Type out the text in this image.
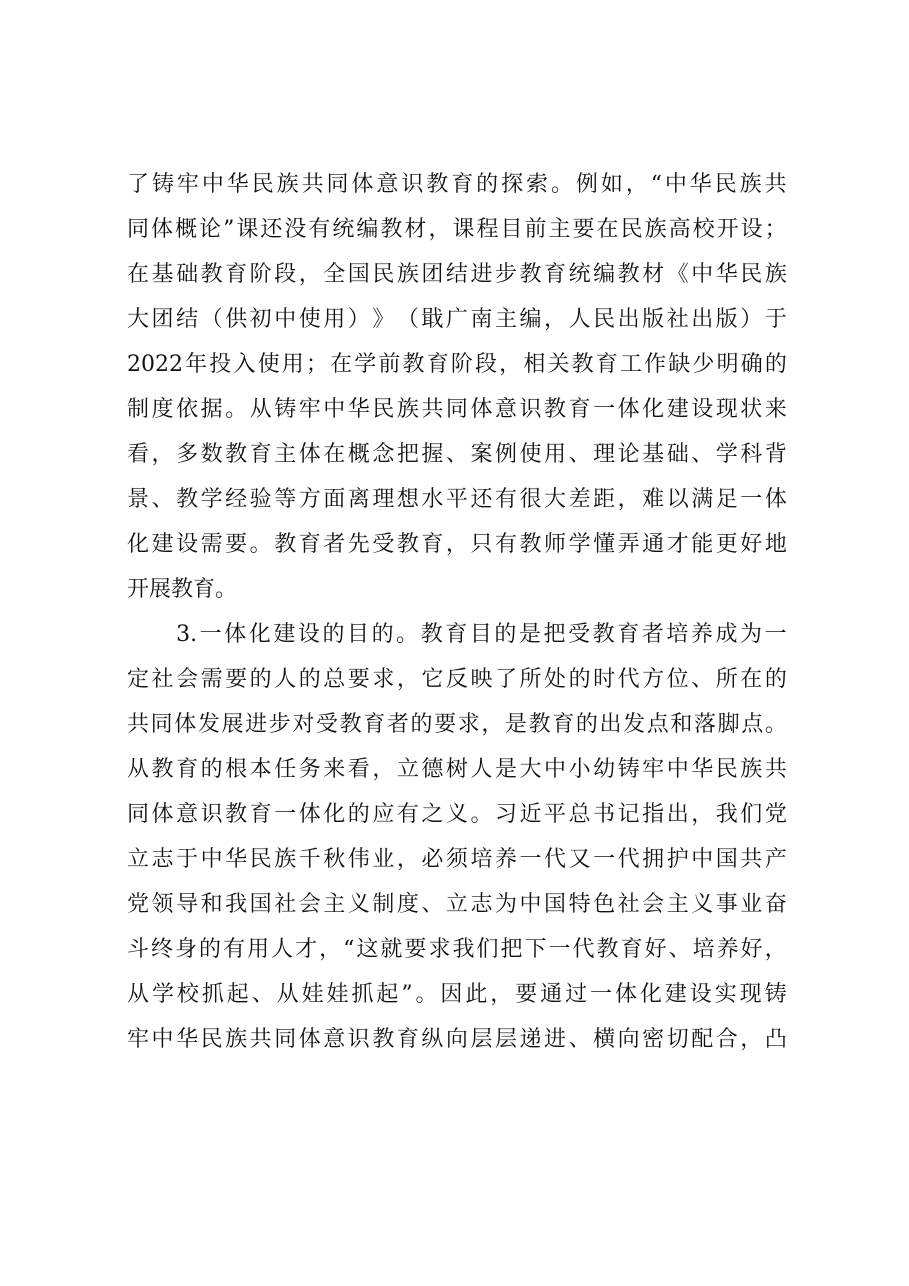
了 铸 牢 中 华 民 族 共 同 体 意 识 教 育 的 探 索 。 例 如 ， “ 中 华 民 族 共
同 体 概 论 ” 课 还 没 有 统 编 教 材 ， 课 程 目 前 主 要 在 民 族 高 校 开 设 ；
在 基 础 教 育 阶 段 ， 全 国 民 族 团 结 进 步 教 育 统 编 教 材 《 中 华 民 族
大 团 结 （ 供 初 中 使 用 ） 》 （ 戢 广 南 主 编 ， 人 民 出 版 社 出 版 ） 于
2022 年 投 入 使 用 ； 在 学 前 教 育 阶 段 ， 相 关 教 育 工 作 缺 少 明 确 的
制 度 依 据 。 从 铸 牢 中 华 民 族 共 同 体 意 识 教 育 一 体 化 建 设 现 状 来
看 ， 多 数 教 育 主 体 在 概 念 把 握 、 案 例 使 用 、 理 论 基 础 、 学 科 背
景 、 教 学 经 验 等 方 面 离 理 想 水 平 还 有 很 大 差 距 ， 难 以 满 足 一 体
化 建 设 需 要 。 教 育 者 先 受 教 育 ， 只 有 教 师 学 懂 弄 通 才 能 更 好 地
开展教育。

3. 一 体 化 建 设 的 目 的 。 教 育 目 的 是 把 受 教 育 者 培 养 成 为 一
定 社 会 需 要 的 人 的 总 要 求 ， 它 反 映 了 所 处 的 时 代 方 位 、 所 在 的
共 同 体 发 展 进 步 对 受 教 育 者 的 要 求 ， 是 教 育 的 出 发 点 和 落 脚 点 。
从 教 育 的 根 本 任 务 来 看 ， 立 德 树 人 是 大 中 小 幼 铸 牢 中 华 民 族 共
同 体 意 识 教 育 一 体 化 的 应 有 之 义 。 习 近 平 总 书 记 指 出 ， 我 们 党
立 志 于 中 华 民 族 千 秋 伟 业 ， 必 须 培 养 一 代 又 一 代 拥 护 中 国 共 产
党 领 导 和 我 国 社 会 主 义 制 度 、 立 志 为 中 国 特 色 社 会 主 义 事 业 奋
斗 终 身 的 有 用 人 才 ， “ 这 就 要 求 我 们 把 下 一 代 教 育 好 、 培 养 好 ，
从 学 校 抓 起 、 从 娃 娃 抓 起 ” 。 因 此 ， 要 通 过 一 体 化 建 设 实 现 铸
牢 中 华 民 族 共 同 体 意 识 教 育 纵 向 层 层 递 进 、 横 向 密 切 配 合 ， 凸
